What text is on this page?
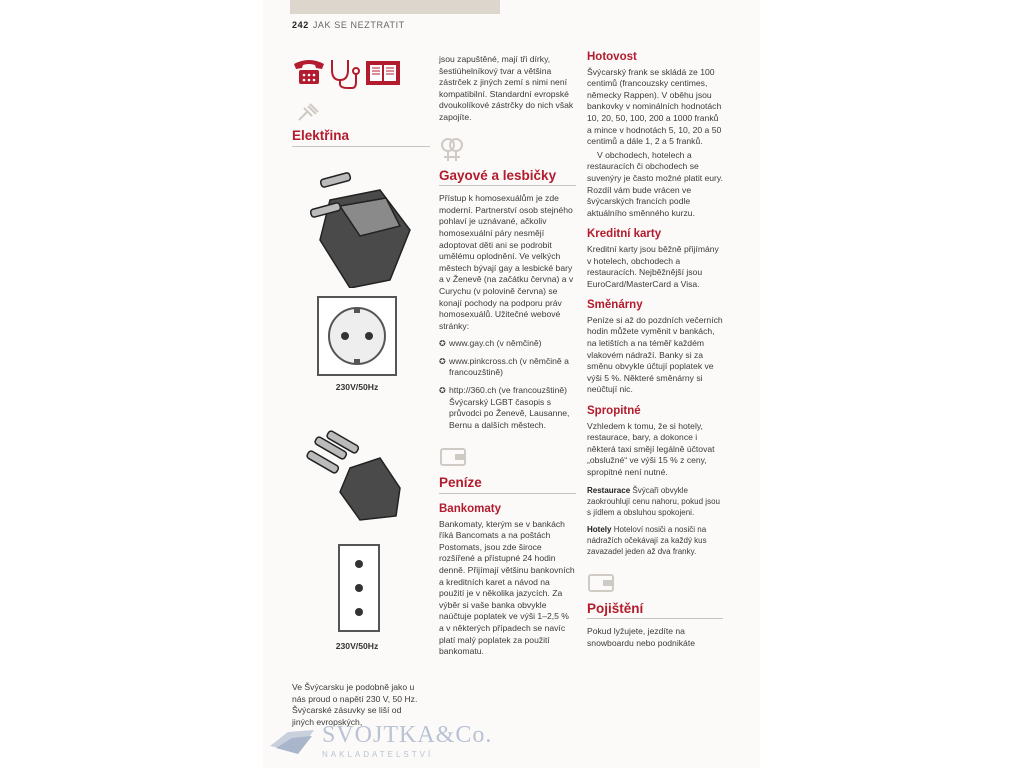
242 JAK SE NEZTRATIT
Elektřina
230V/50Hz
230V/50Hz

Ve Švýcarsku je podobně jako u nás proud o napětí 230 V, 50 Hz. Švýcarské zásuvky se liší od jiných evropských,

jsou zapuštěné, mají tři dírky, šestiúhelníkový tvar a většina zástrček z jiných zemí s nimi není kompatibilní. Standardní evropské dvoukolíkové zástrčky do nich však zapojíte.

Gayové a lesbičky

Přístup k homosexuálům je zde moderní. Partnerství osob stejného pohlaví je uznávané, ačkoliv homosexuální páry nesmějí adoptovat děti ani se podrobit umělému oplodnění. Ve velkých městech bývají gay a lesbické bary a v Ženevě (na začátku června) a v Curychu (v polovině června) se konají pochody na podporu práv homosexuálů. Užitečné webové stránky:

✪ www.gay.ch (v němčině)
✪ www.pinkcross.ch (v němčině a francouzštině)
✪ http://360.ch (ve francouzštině) Švýcarský LGBT časopis s průvodci po Ženevě, Lausanne, Bernu a dalších městech.
Peníze
Bankomaty

Bankomaty, kterým se v bankách říká Bancomats a na poštách Postomats, jsou zde široce rozšířené a přístupné 24 hodin denně. Přijímají většinu bankovních a kreditních karet a návod na použití je v několika jazycích. Za výběr si vaše banka obvykle naúčtuje poplatek ve výši 1–2,5 % a v některých případech se navíc platí malý poplatek za použití bankomatu.

Hotovost

Švýcarský frank se skládá ze 100 centimů (francouzsky centimes, německy Rappen). V oběhu jsou bankovky v nominálních hodnotách 10, 20, 50, 100, 200 a 1000 franků a mince v hodnotách 5, 10, 20 a 50 centimů a dále 1, 2 a 5 franků.

V obchodech, hotelech a restauracích či obchodech se suvenýry je často možné platit eury. Rozdíl vám bude vrácen ve švýcarských francích podle aktuálního směnného kurzu.

Kreditní karty

Kreditní karty jsou běžně přijímány v hotelech, obchodech a restauracích. Nejběžnější jsou EuroCard/MasterCard a Visa.

Směnárny

Peníze si až do pozdních večerních hodin můžete vyměnit v bankách, na letištích a na téměř každém vlakovém nádraží. Banky si za směnu obvykle účtují poplatek ve výši 5 %. Některé směnárny si neúčtují nic.

Spropitné

Vzhledem k tomu, že si hotely, restaurace, bary, a dokonce i některá taxi smějí legálně účtovat „obslužné“ ve výši 15 % z ceny, spropitné není nutné.

Restaurace Švýcaři obvykle zaokrouhlují cenu nahoru, pokud jsou s jídlem a obsluhou spokojeni.

Hotely Hoteloví nosiči a nosiči na nádražích očekávají za každý kus zavazadel jeden až dva franky.

Pojištění

Pokud lyžujete, jezdíte na snowboardu nebo podnikáte

SVOJTKA&Co.
NAKLADATELSTVÍ
